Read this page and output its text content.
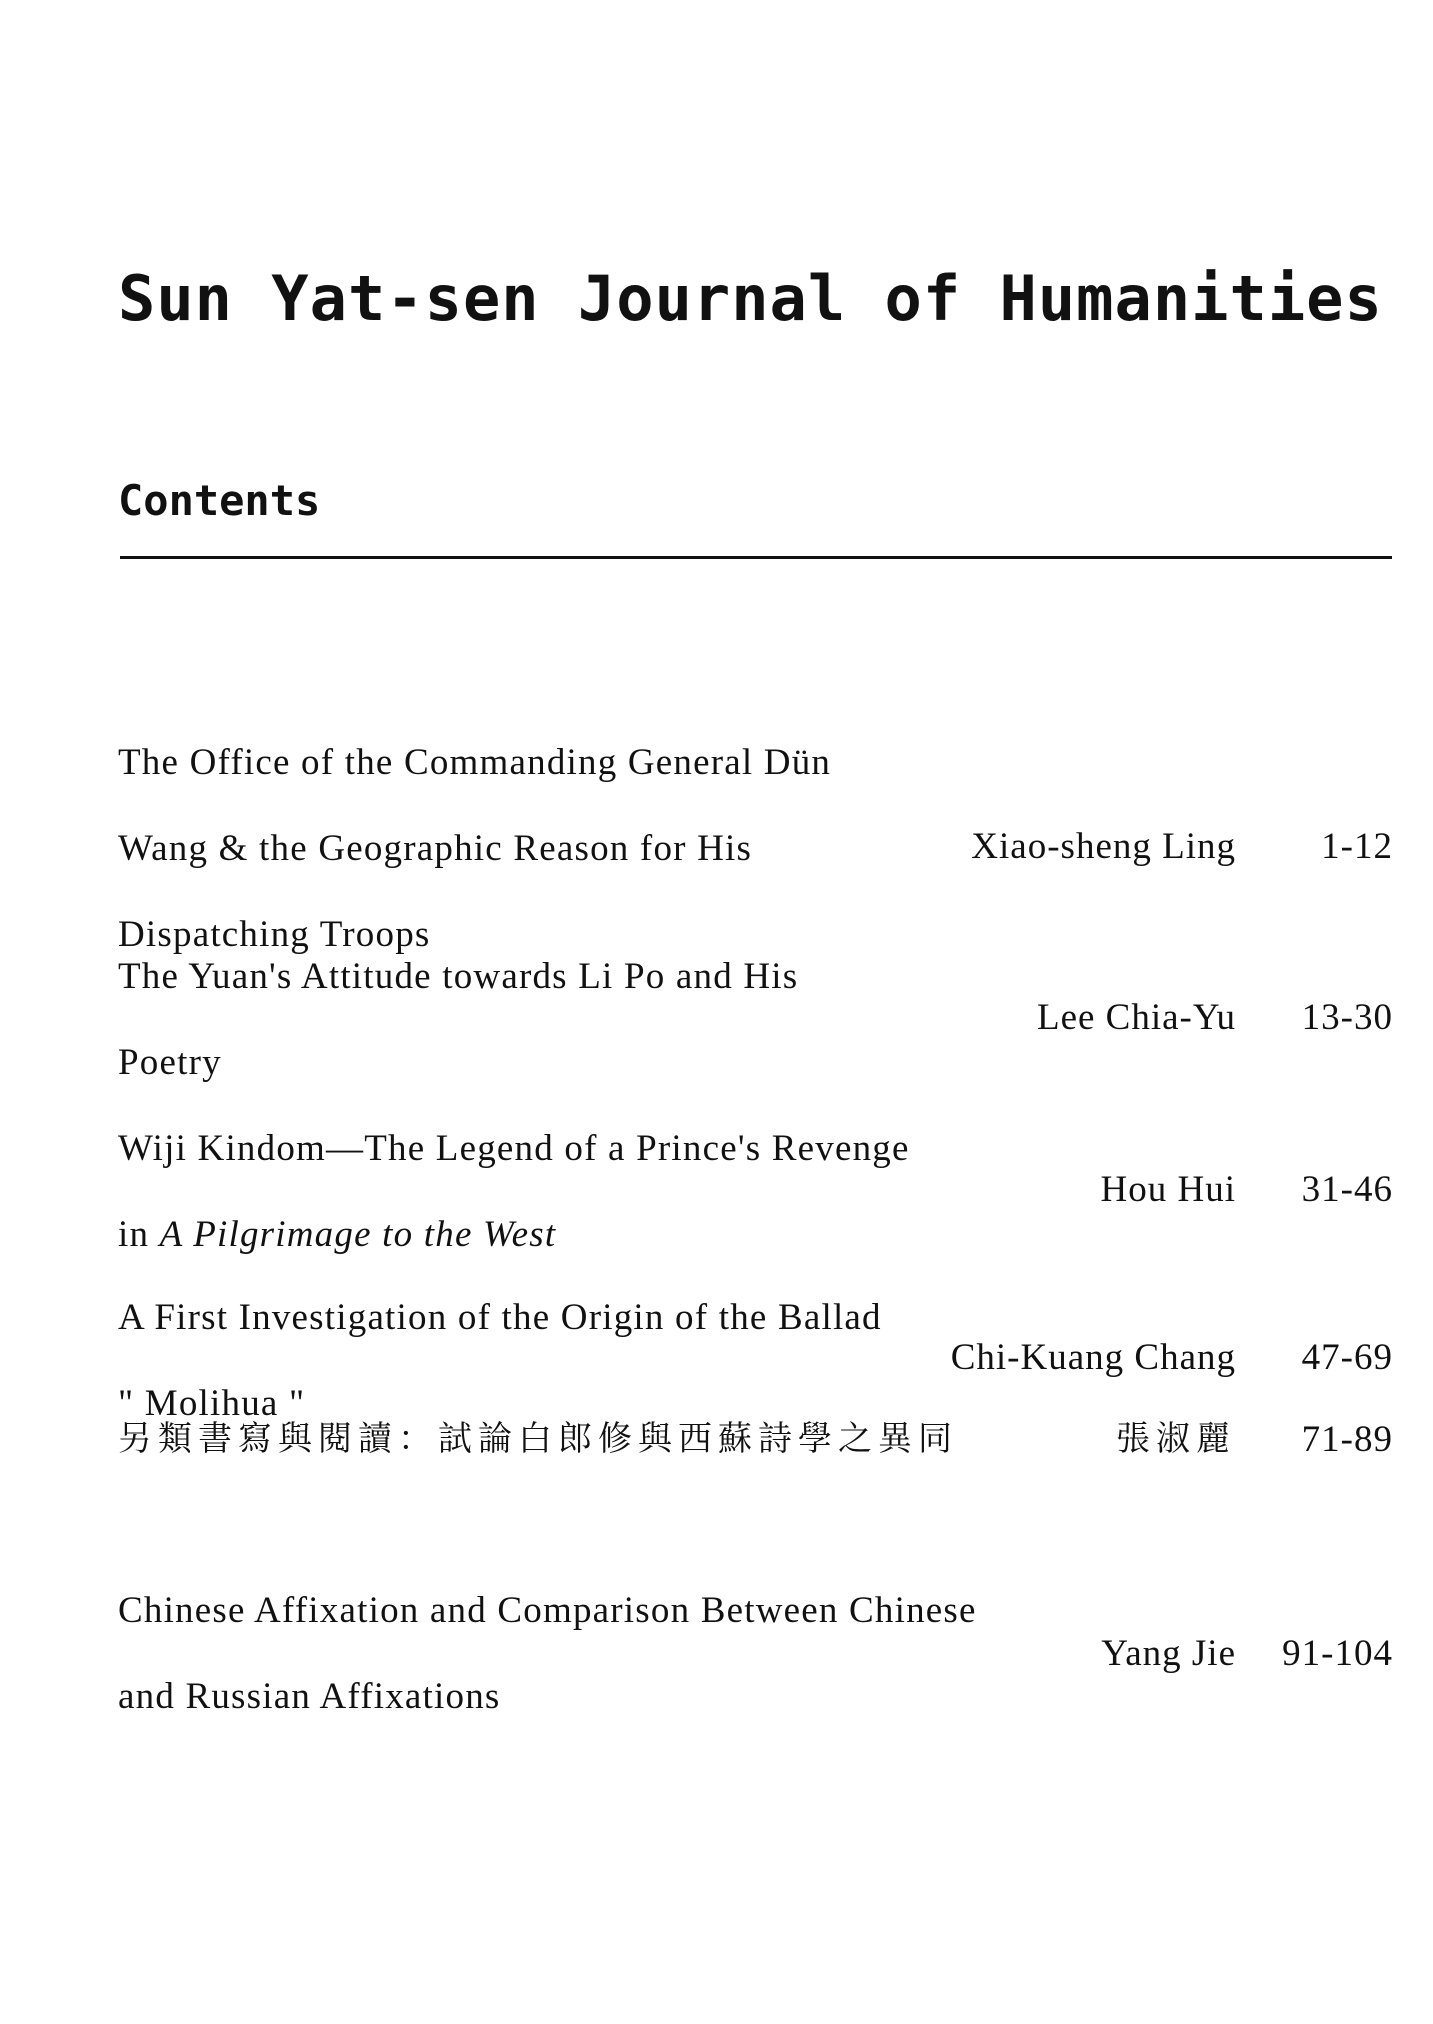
Sun Yat-sen Journal of Humanities
Contents

The Office of the Commanding General Dün

Wang & the Geographic Reason for His

Dispatching Troops

Xiao-sheng Ling 1-12

The Yuan's Attitude towards Li Po and His

Poetry

Lee Chia-Yu 13-30

Wiji Kindom—The Legend of a Prince's Revenge

in A Pilgrimage to the West

Hou Hui 31-46

A First Investigation of the Origin of the Ballad

" Molihua "

Chi-Kuang Chang 47-69
另類書寫與閱讀：試論白郎修與西蘇詩學之異同	張淑麗 71-89

Chinese Affixation and Comparison Between Chinese

and Russian Affixations

Yang Jie 91-104
